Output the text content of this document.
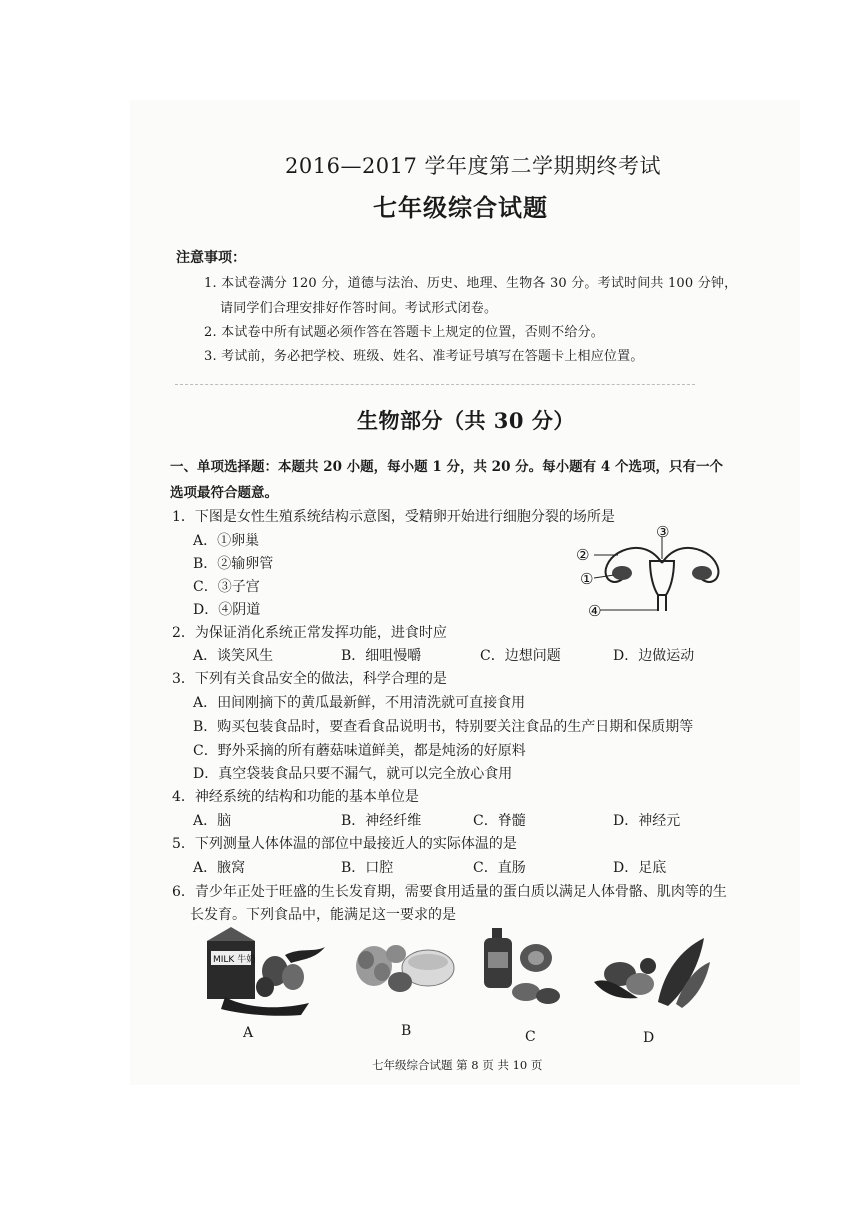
2016—2017 学年度第二学期期终考试
七年级综合试题
注意事项：
1. 本试卷满分 120 分，道德与法治、历史、地理、生物各 30 分。考试时间共 100 分钟，
请同学们合理安排好作答时间。考试形式闭卷。
2. 本试卷中所有试题必须作答在答题卡上规定的位置，否则不给分。
3. 考试前，务必把学校、班级、姓名、准考证号填写在答题卡上相应位置。
生物部分（共 30 分）
一、单项选择题：本题共 20 小题，每小题 1 分，共 20 分。每小题有 4 个选项，只有一个
选项最符合题意。
1．下图是女性生殖系统结构示意图，受精卵开始进行细胞分裂的场所是
A．①卵巢
B．②输卵管
C．③子宫
D．④阴道
③
②
①
④
2．为保证消化系统正常发挥功能，进食时应
A．谈笑风生	B．细咀慢嚼	C．边想问题	D．边做运动
3．下列有关食品安全的做法，科学合理的是
A．田间刚摘下的黄瓜最新鲜，不用清洗就可直接食用
B．购买包装食品时，要查看食品说明书，特别要关注食品的生产日期和保质期等
C．野外采摘的所有蘑菇味道鲜美，都是炖汤的好原料
D．真空袋装食品只要不漏气，就可以完全放心食用
4．神经系统的结构和功能的基本单位是
A．脑	B．神经纤维	C．脊髓	D．神经元
5．下列测量人体体温的部位中最接近人的实际体温的是
A．腋窝	B．口腔	C．直肠	D．足底
6．青少年正处于旺盛的生长发育期，需要食用适量的蛋白质以满足人体骨骼、肌肉等的生
长发育。下列食品中，能满足这一要求的是
MILK 牛奶
A	B	C	D
七年级综合试题 第 8 页 共 10 页
